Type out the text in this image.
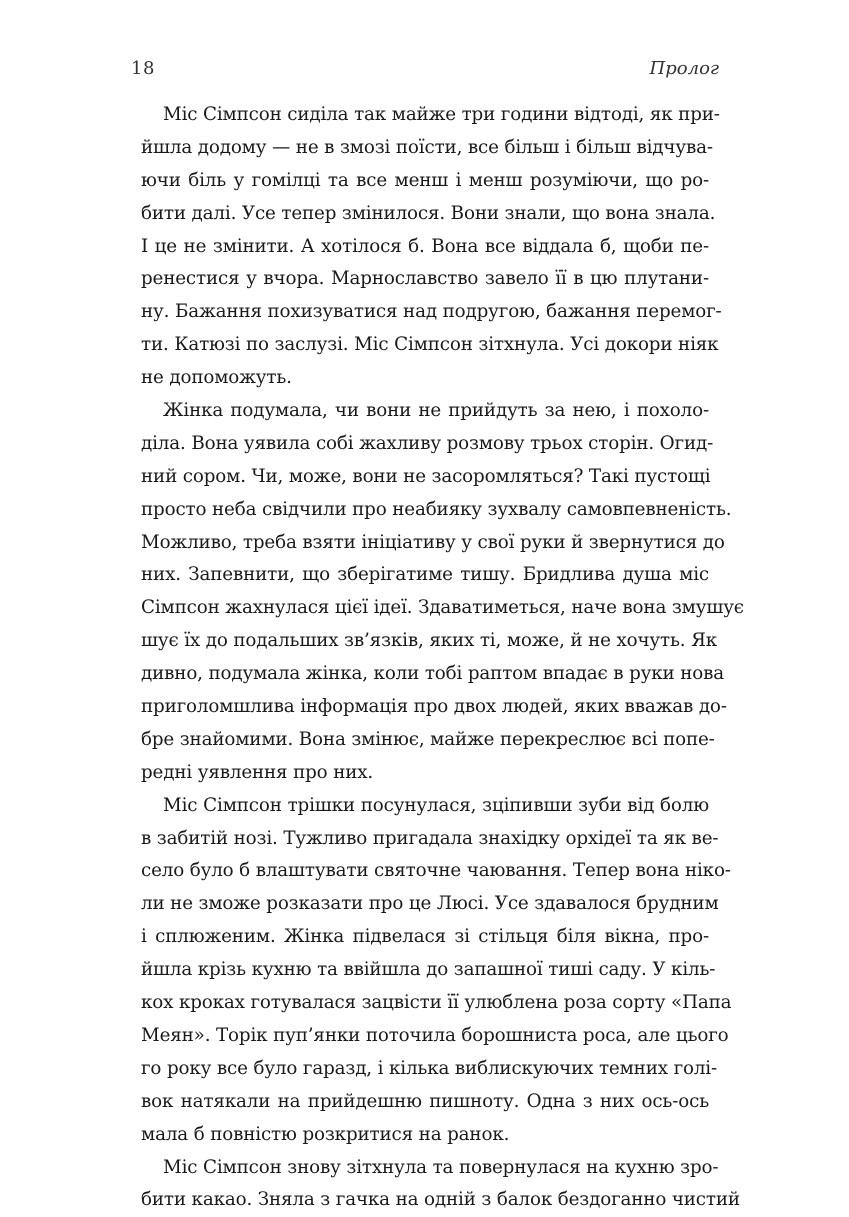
18	Пролог
Міс Сімпсон сиділа так майже три години відтоді, як при-
йшла додому — не в змозі поїсти, все більш і більш відчува-
ючи біль у гомілці та все менш і менш розуміючи, що ро-
бити далі. Усе тепер змінилося. Вони знали, що вона знала.
І це не змінити. А хотілося б. Вона все віддала б, щоби пе-
ренестися у вчора. Марнославство завело її в цю плутани-
ну. Бажання похизуватися над подругою, бажання перемог-
ти. Катюзі по заслузі. Міс Сімпсон зітхнула. Усі докори ніяк
не допоможуть.
Жінка подумала, чи вони не прийдуть за нею, і похоло-
діла. Вона уявила собі жахливу розмову трьох сторін. Огид-
ний сором. Чи, може, вони не засоромляться? Такі пустощі
просто неба свідчили про неабияку зухвалу самовпевненість.
Можливо, треба взяти ініціативу у свої руки й звернутися до
них. Запевнити, що зберігатиме тишу. Бридлива душа міс
Сімпсон жахнулася цієї ідеї. Здаватиметься, наче вона змушує
шує їх до подальших зв’язків, яких ті, може, й не хочуть. Як
дивно, подумала жінка, коли тобі раптом впадає в руки нова
приголомшлива інформація про двох людей, яких вважав до-
бре знайомими. Вона змінює, майже перекреслює всі попе-
редні уявлення про них.
Міс Сімпсон трішки посунулася, зціпивши зуби від болю
в забитій нозі. Тужливо пригадала знахідку орхідеї та як ве-
село було б влаштувати святочне чаювання. Тепер вона ніко-
ли не зможе розказати про це Люсі. Усе здавалося брудним
і сплюженим. Жінка підвелася зі стільця біля вікна, про-
йшла крізь кухню та ввійшла до запашної тиші саду. У кіль-
кох кроках готувалася зацвісти її улюблена роза сорту «Папа
Меян». Торік пуп’янки поточила борошниста роса, але цього
го року все було гаразд, і кілька виблискуючих темних голі-
вок натякали на прийдешню пишноту. Одна з них ось-ось
мала б повністю розкритися на ранок.
Міс Сімпсон знову зітхнула та повернулася на кухню зро-
бити какао. Зняла з гачка на одній з балок бездоганно чистий
